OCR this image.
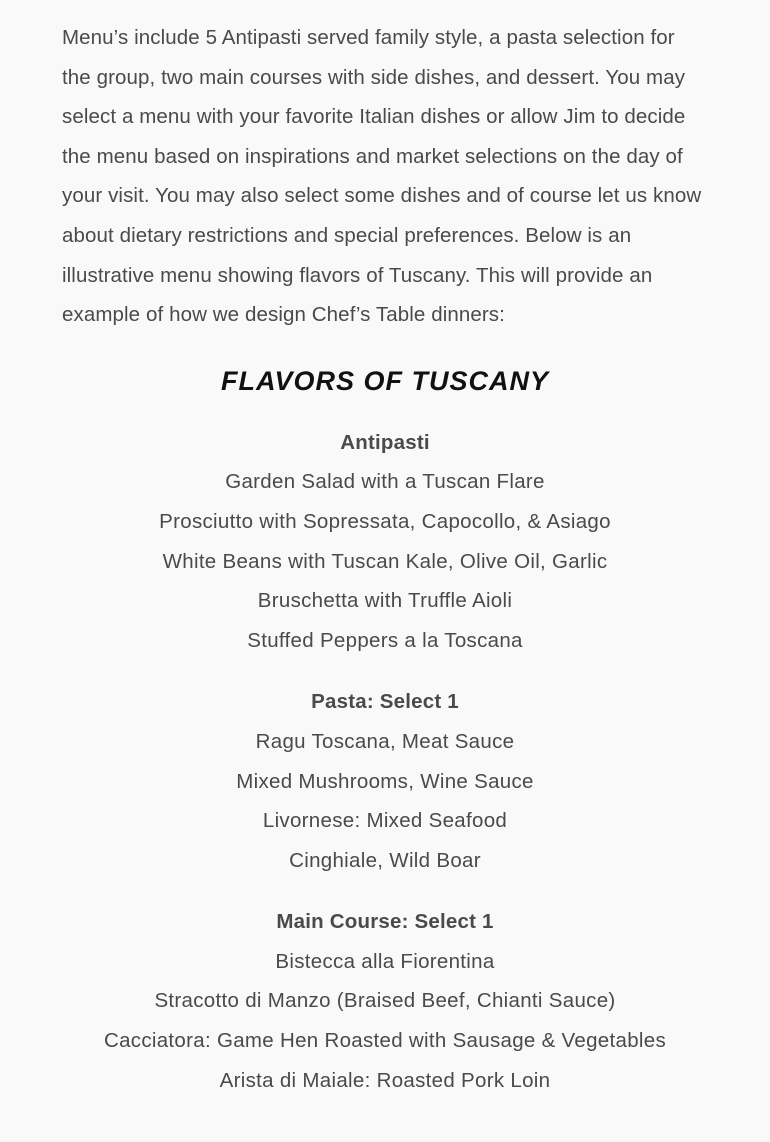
Menu’s include 5 Antipasti served family style, a pasta selection for the group, two main courses with side dishes, and dessert. You may select a menu with your favorite Italian dishes or allow Jim to decide the menu based on inspirations and market selections on the day of your visit. You may also select some dishes and of course let us know about dietary restrictions and special preferences. Below is an illustrative menu showing flavors of Tuscany. This will provide an example of how we design Chef’s Table dinners:

FLAVORS OF TUSCANY
Antipasti
Garden Salad with a Tuscan Flare
Prosciutto with Sopressata, Capocollo, & Asiago
White Beans with Tuscan Kale, Olive Oil, Garlic
Bruschetta with Truffle Aioli
Stuffed Peppers a la Toscana
Pasta: Select 1
Ragu Toscana, Meat Sauce
Mixed Mushrooms, Wine Sauce
Livornese: Mixed Seafood
Cinghiale, Wild Boar
Main Course: Select 1
Bistecca alla Fiorentina
Stracotto di Manzo (Braised Beef, Chianti Sauce)
Cacciatora: Game Hen Roasted with Sausage & Vegetables
Arista di Maiale: Roasted Pork Loin
